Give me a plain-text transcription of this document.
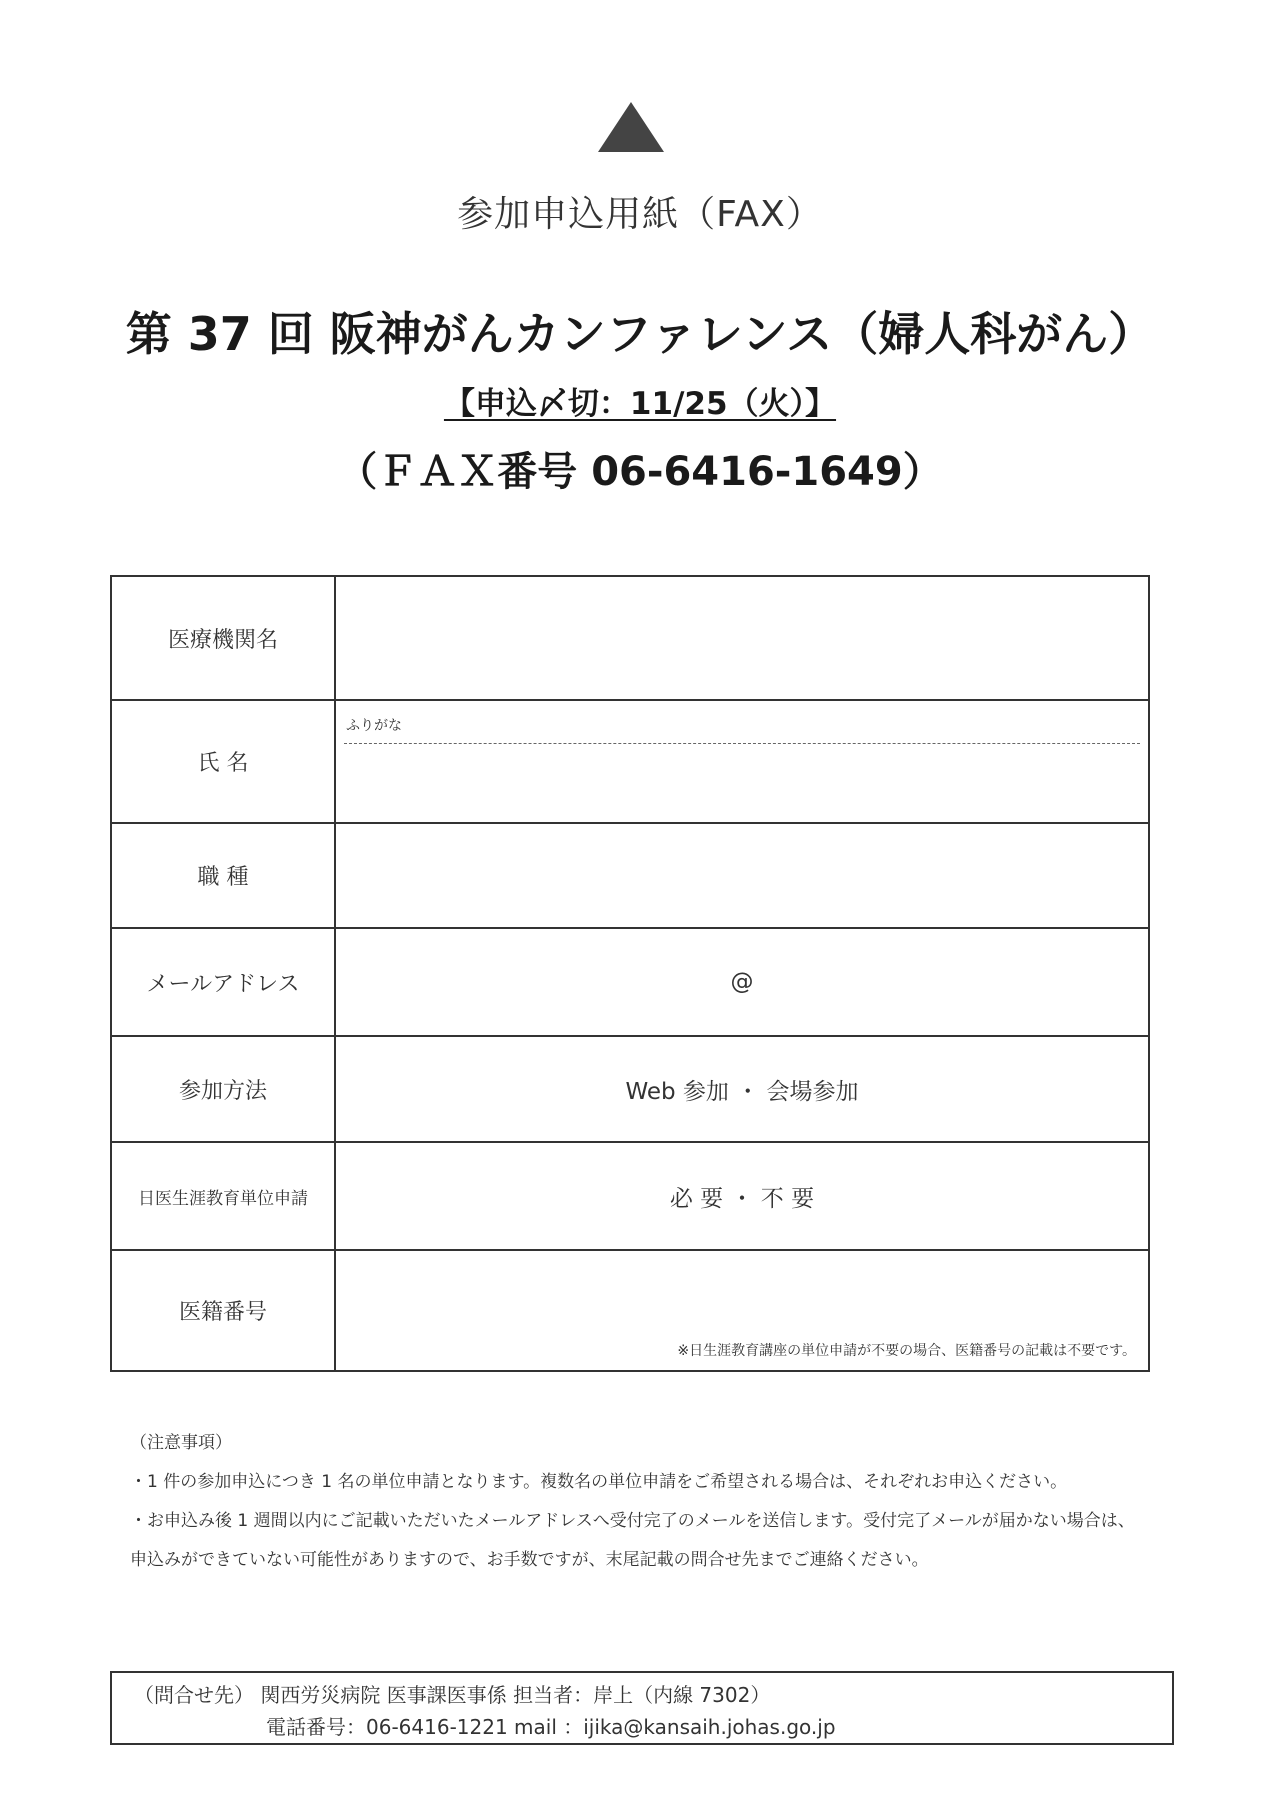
参加申込用紙（FAX）
第 37 回 阪神がんカンファレンス（婦人科がん）
【申込〆切：11/25（火）】
（ＦＡＸ番号 06-6416-1649）
医療機関名	
氏 名	ふりがな

職 種	
メールアドレス	@
参加方法	Web 参加 ・ 会場参加
日医生涯教育単位申請	必 要 ・ 不 要
医籍番号	※日生涯教育講座の単位申請が不要の場合、医籍番号の記載は不要です。
（注意事項）
・1 件の参加申込につき 1 名の単位申請となります。複数名の単位申請をご希望される場合は、それぞれお申込ください。
・お申込み後 1 週間以内にご記載いただいたメールアドレスへ受付完了のメールを送信します。受付完了メールが届かない場合は、
申込みができていない可能性がありますので、お手数ですが、末尾記載の問合せ先までご連絡ください。
（問合せ先） 関西労災病院 医事課医事係 担当者：岸上（内線 7302）
電話番号：06-6416-1221 mail ：ijika@kansaih.johas.go.jp
